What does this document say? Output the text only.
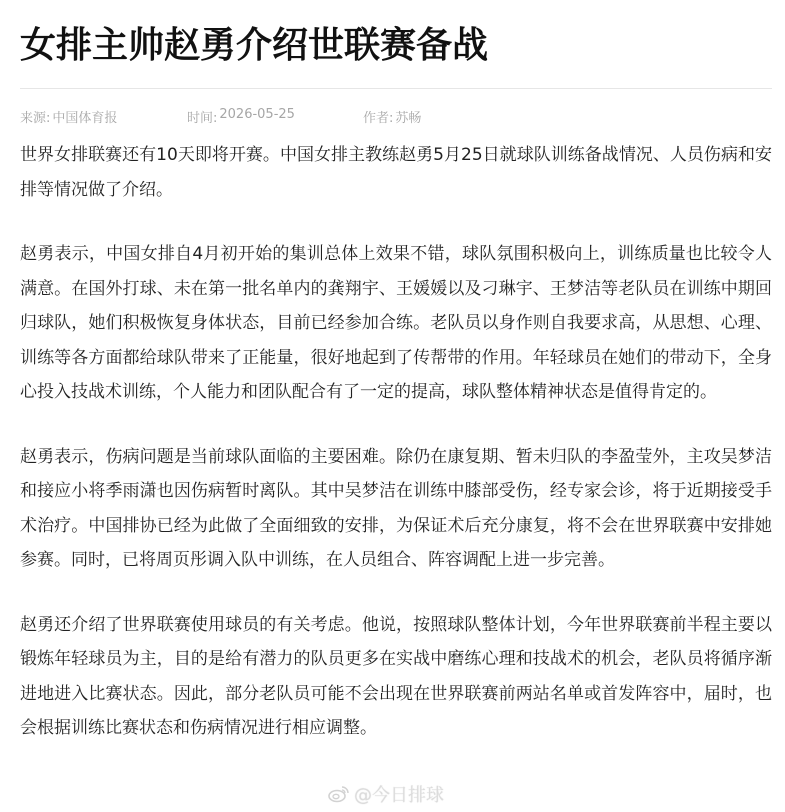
女排主帅赵勇介绍世联赛备战
来源: 中国体育报	时间: 2026-05-25	作者: 苏畅

世界女排联赛还有10天即将开赛。中国女排主教练赵勇5月25日就球队训练备战情况、人员伤病和安排等情况做了介绍。

赵勇表示，中国女排自4月初开始的集训总体上效果不错，球队氛围积极向上，训练质量也比较令人满意。在国外打球、未在第一批名单内的龚翔宇、王媛媛以及刁琳宇、王梦洁等老队员在训练中期回归球队，她们积极恢复身体状态，目前已经参加合练。老队员以身作则自我要求高，从思想、心理、训练等各方面都给球队带来了正能量，很好地起到了传帮带的作用。年轻球员在她们的带动下，全身心投入技战术训练，个人能力和团队配合有了一定的提高，球队整体精神状态是值得肯定的。

赵勇表示，伤病问题是当前球队面临的主要困难。除仍在康复期、暂未归队的李盈莹外，主攻吴梦洁和接应小将季雨潇也因伤病暂时离队。其中吴梦洁在训练中膝部受伤，经专家会诊，将于近期接受手术治疗。中国排协已经为此做了全面细致的安排，为保证术后充分康复，将不会在世界联赛中安排她参赛。同时，已将周页彤调入队中训练，在人员组合、阵容调配上进一步完善。

赵勇还介绍了世界联赛使用球员的有关考虑。他说，按照球队整体计划，今年世界联赛前半程主要以锻炼年轻球员为主，目的是给有潜力的队员更多在实战中磨练心理和技战术的机会，老队员将循序渐进地进入比赛状态。因此，部分老队员可能不会出现在世界联赛前两站名单或首发阵容中，届时，也会根据训练比赛状态和伤病情况进行相应调整。

@今日排球
